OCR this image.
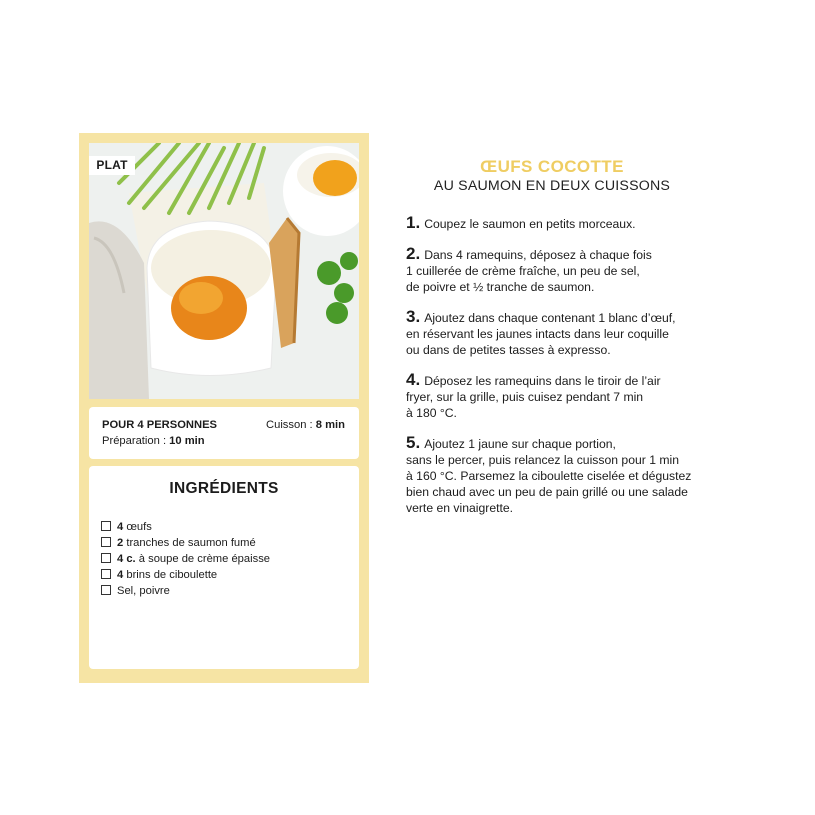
PLAT
POUR 4 PERSONNES
Préparation : 10 min
Cuisson : 8 min
INGRÉDIENTS
4 œufs
2 tranches de saumon fumé
4 c. à soupe de crème épaisse
4 brins de ciboulette
Sel, poivre
ŒUFS COCOTTE
AU SAUMON EN DEUX CUISSONS
1. Coupez le saumon en petits morceaux.
2. Dans 4 ramequins, déposez à chaque fois
1 cuillerée de crème fraîche, un peu de sel,
de poivre et ½ tranche de saumon.
3. Ajoutez dans chaque contenant 1 blanc d’œuf,
en réservant les jaunes intacts dans leur coquille
ou dans de petites tasses à expresso.
4. Déposez les ramequins dans le tiroir de l’air
fryer, sur la grille, puis cuisez pendant 7 min
à 180 °C.
5. Ajoutez 1 jaune sur chaque portion,
sans le percer, puis relancez la cuisson pour 1 min
à 160 °C. Parsemez la ciboulette ciselée et dégustez
bien chaud avec un peu de pain grillé ou une salade
verte en vinaigrette.
